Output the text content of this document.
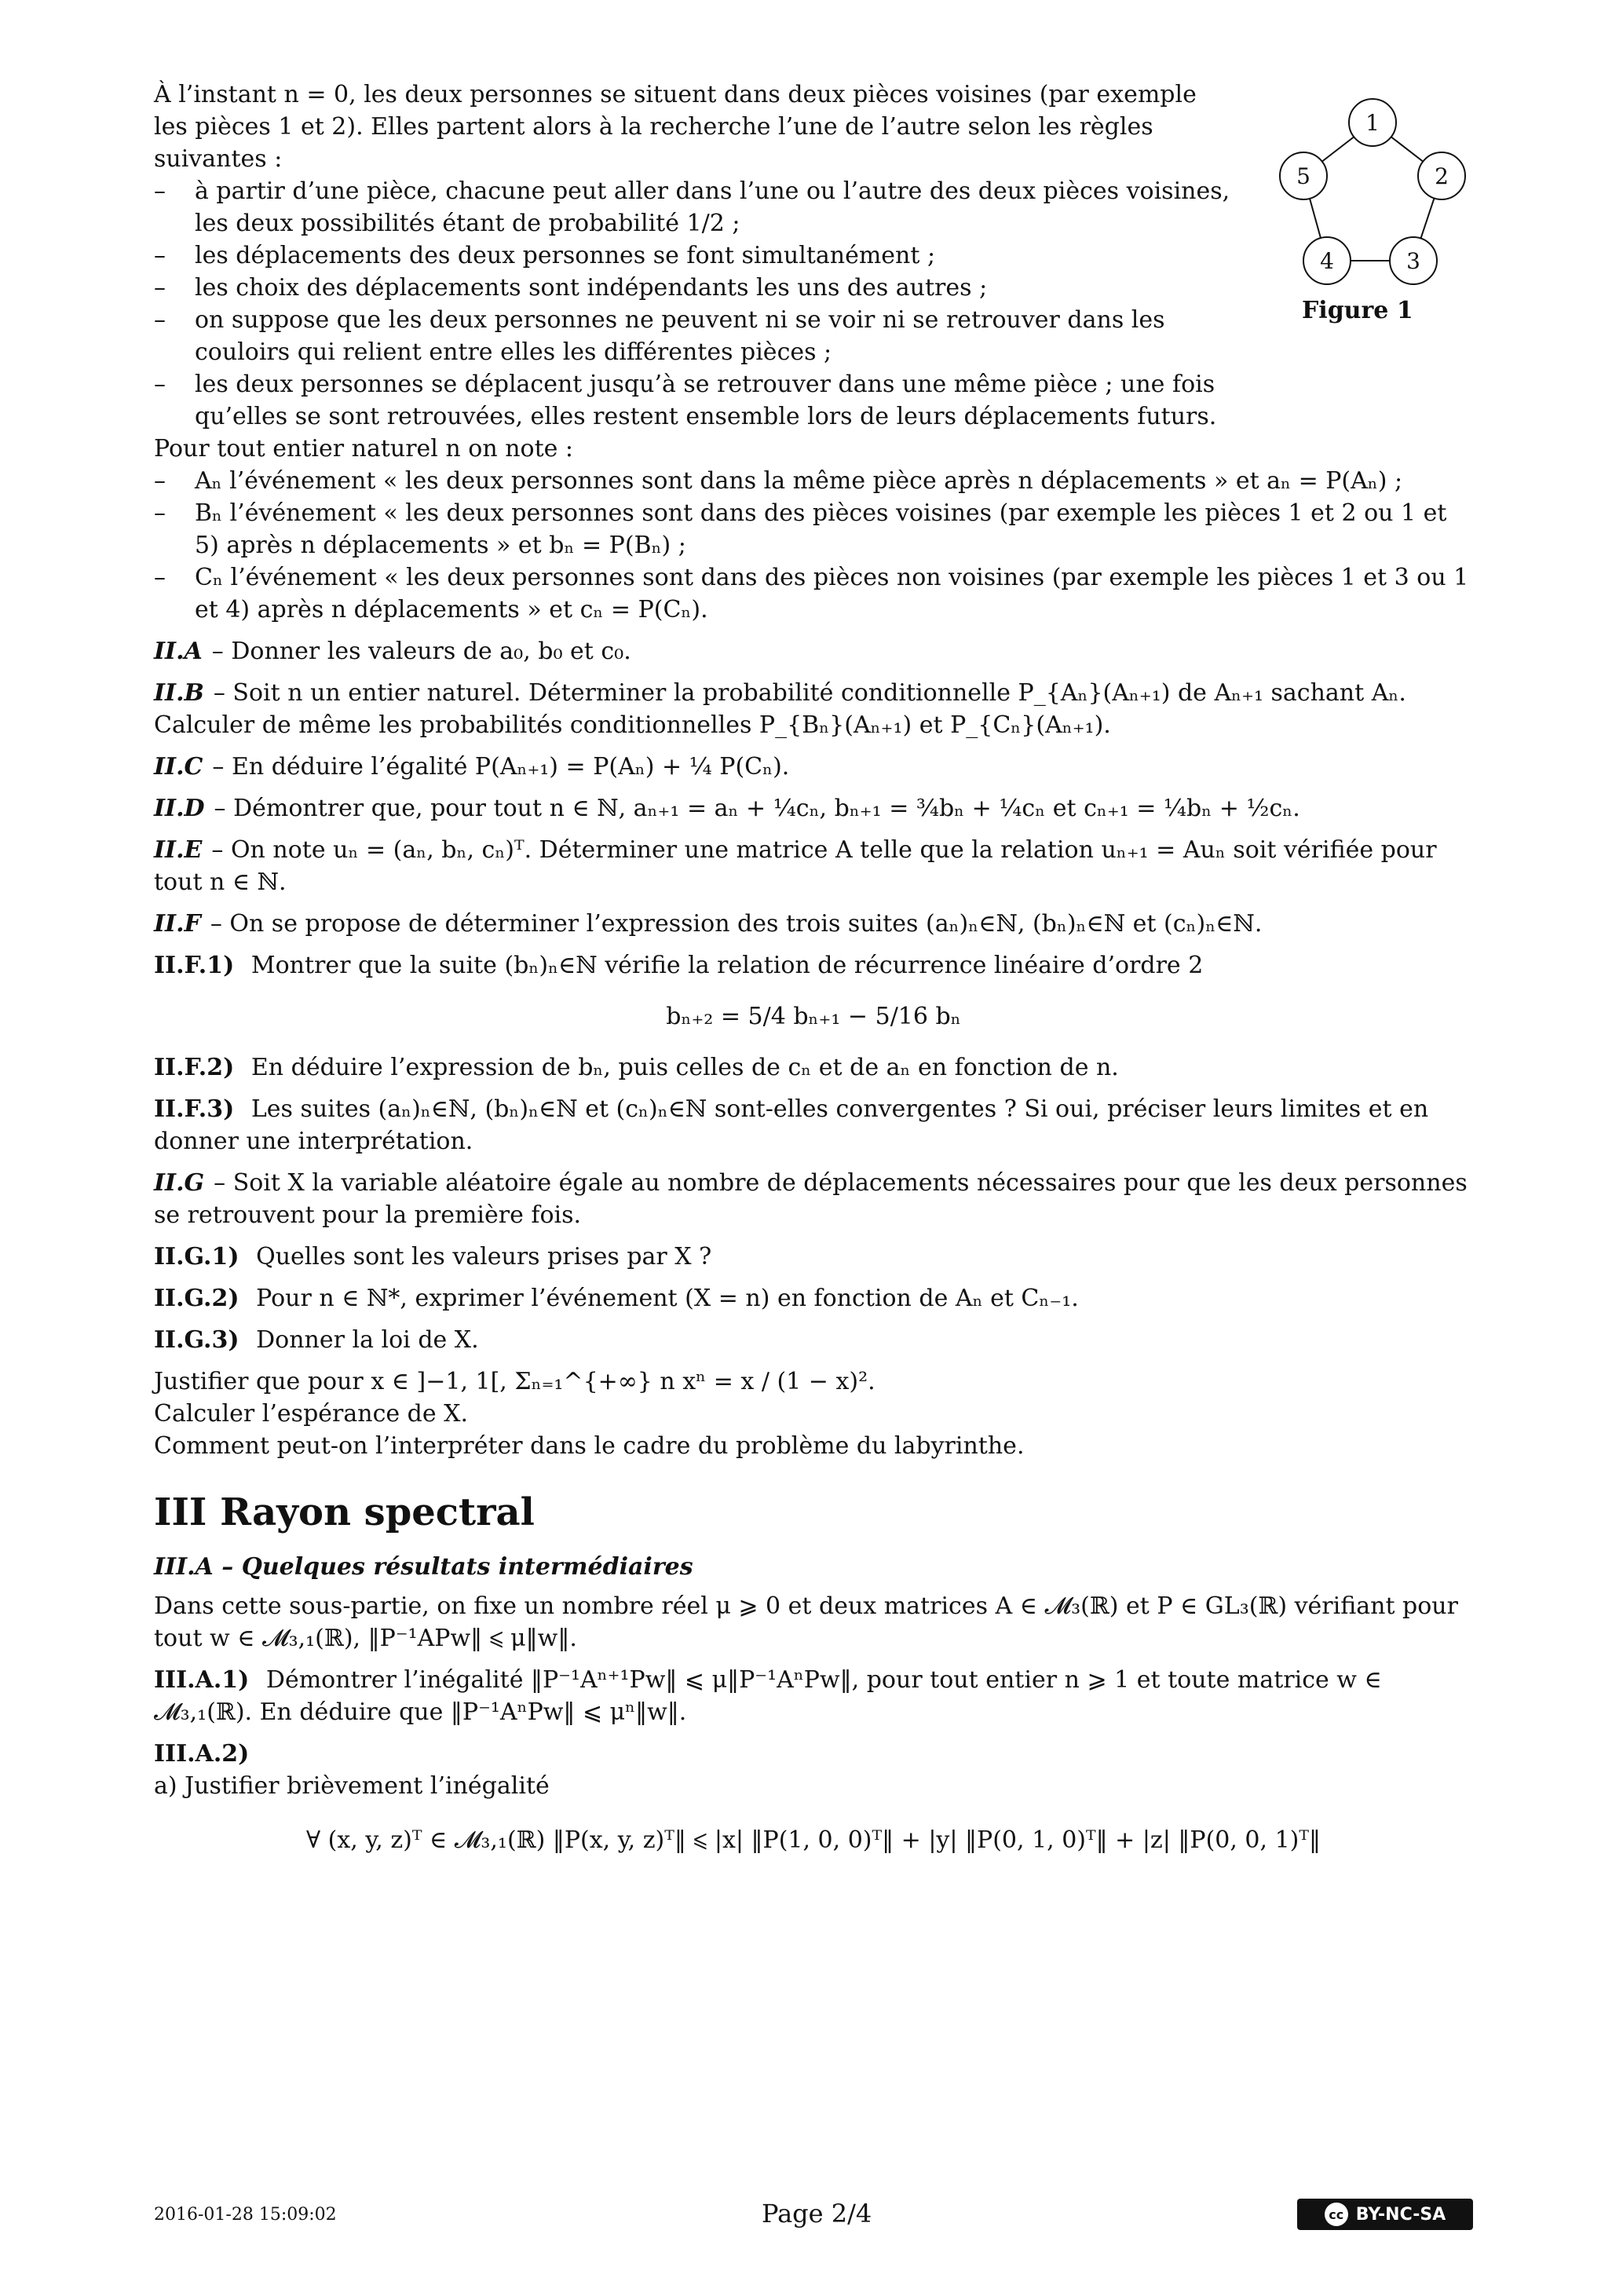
À l’instant n = 0, les deux personnes se situent dans deux pièces voisines (par exemple les pièces 1 et 2). Elles partent alors à la recherche l’une de l’autre selon les règles suivantes :

– à partir d’une pièce, chacune peut aller dans l’une ou l’autre des deux pièces voisines, les deux possibilités étant de probabilité 1/2 ;

– les déplacements des deux personnes se font simultanément ;

– les choix des déplacements sont indépendants les uns des autres ;

– on suppose que les deux personnes ne peuvent ni se voir ni se retrouver dans les couloirs qui relient entre elles les différentes pièces ;

– les deux personnes se déplacent jusqu’à se retrouver dans une même pièce ; une fois qu’elles se sont retrouvées, elles restent ensemble lors de leurs déplacements futurs.

Pour tout entier naturel n on note :

– Aₙ l’événement « les deux personnes sont dans la même pièce après n déplacements » et aₙ = P(Aₙ) ;

– Bₙ l’événement « les deux personnes sont dans des pièces voisines (par exemple les pièces 1 et 2 ou 1 et 5) après n déplacements » et bₙ = P(Bₙ) ;

– Cₙ l’événement « les deux personnes sont dans des pièces non voisines (par exemple les pièces 1 et 3 ou 1 et 4) après n déplacements » et cₙ = P(Cₙ).

II.A – Donner les valeurs de a₀, b₀ et c₀.

II.B – Soit n un entier naturel. Déterminer la probabilité conditionnelle P_{Aₙ}(Aₙ₊₁) de Aₙ₊₁ sachant Aₙ.

Calculer de même les probabilités conditionnelles P_{Bₙ}(Aₙ₊₁) et P_{Cₙ}(Aₙ₊₁).

II.C – En déduire l’égalité P(Aₙ₊₁) = P(Aₙ) + ¼ P(Cₙ).

II.D – Démontrer que, pour tout n ∈ ℕ, aₙ₊₁ = aₙ + ¼cₙ, bₙ₊₁ = ¾bₙ + ¼cₙ et cₙ₊₁ = ¼bₙ + ½cₙ.

II.E – On note uₙ = (aₙ, bₙ, cₙ)ᵀ. Déterminer une matrice A telle que la relation uₙ₊₁ = Auₙ soit vérifiée pour tout n ∈ ℕ.

II.F – On se propose de déterminer l’expression des trois suites (aₙ)ₙ∈ℕ, (bₙ)ₙ∈ℕ et (cₙ)ₙ∈ℕ.

II.F.1) Montrer que la suite (bₙ)ₙ∈ℕ vérifie la relation de récurrence linéaire d’ordre 2

bₙ₊₂ = 5/4 bₙ₊₁ − 5/16 bₙ

II.F.2) En déduire l’expression de bₙ, puis celles de cₙ et de aₙ en fonction de n.

II.F.3) Les suites (aₙ)ₙ∈ℕ, (bₙ)ₙ∈ℕ et (cₙ)ₙ∈ℕ sont-elles convergentes ? Si oui, préciser leurs limites et en donner une interprétation.

II.G – Soit X la variable aléatoire égale au nombre de déplacements nécessaires pour que les deux personnes se retrouvent pour la première fois.

II.G.1) Quelles sont les valeurs prises par X ?

II.G.2) Pour n ∈ ℕ*, exprimer l’événement (X = n) en fonction de Aₙ et Cₙ₋₁.

II.G.3) Donner la loi de X.

Justifier que pour x ∈ ]−1, 1[, Σₙ₌₁^{+∞} n xⁿ = x / (1 − x)².

Calculer l’espérance de X.

Comment peut-on l’interpréter dans le cadre du problème du labyrinthe.

III Rayon spectral
III.A – Quelques résultats intermédiaires

Dans cette sous-partie, on fixe un nombre réel μ ⩾ 0 et deux matrices A ∈ 𝓜₃(ℝ) et P ∈ GL₃(ℝ) vérifiant pour tout w ∈ 𝓜₃,₁(ℝ), ‖P⁻¹APw‖ ⩽ μ‖w‖.

III.A.1) Démontrer l’inégalité ‖P⁻¹Aⁿ⁺¹Pw‖ ⩽ μ‖P⁻¹AⁿPw‖, pour tout entier n ⩾ 1 et toute matrice w ∈ 𝓜₃,₁(ℝ). En déduire que ‖P⁻¹AⁿPw‖ ⩽ μⁿ‖w‖.

III.A.2)

a) Justifier brièvement l’inégalité

∀ (x, y, z)ᵀ ∈ 𝓜₃,₁(ℝ) ‖P(x, y, z)ᵀ‖ ⩽ |x| ‖P(1, 0, 0)ᵀ‖ + |y| ‖P(0, 1, 0)ᵀ‖ + |z| ‖P(0, 0, 1)ᵀ‖

1
2
3
4
5
Figure 1
2016-01-28 15:09:02	Page 2/4	cc BY-NC-SA
